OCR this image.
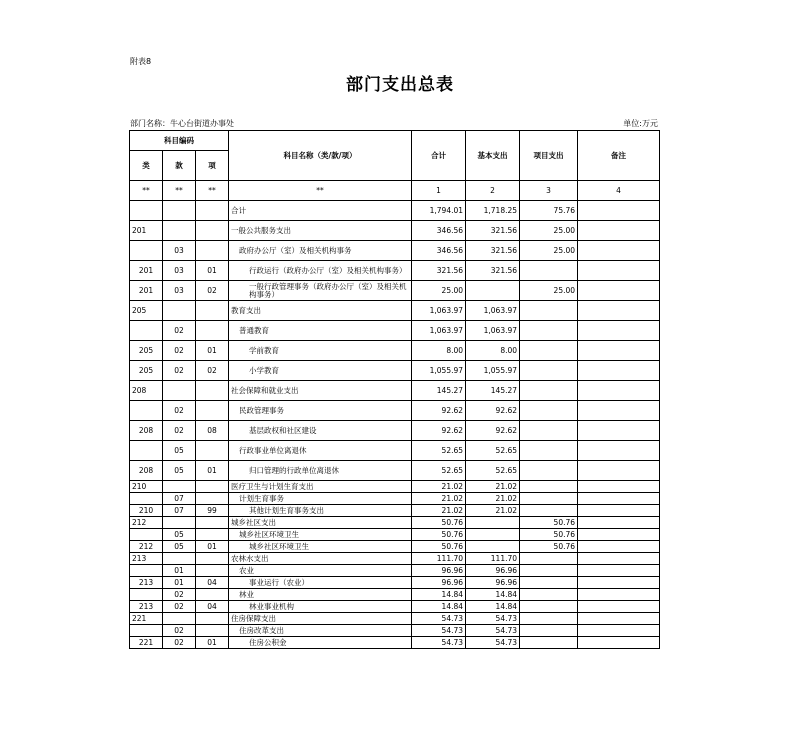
附表8
部门支出总表
部门名称：牛心台街道办事处	单位:万元
科目编码			科目名称（类/款/项）	合计	基本支出	项目支出	备注
类	款	项					
**	**	**	**	1	2	3	4
			合计	1,794.01	1,718.25	75.76	
201			一般公共服务支出	346.56	321.56	25.00	
	03		政府办公厅（室）及相关机构事务	346.56	321.56	25.00	
201	03	01	行政运行（政府办公厅（室）及相关机构事务）	321.56	321.56		
201	03	02	一般行政管理事务（政府办公厅（室）及相关机构事务）	25.00		25.00	
205			教育支出	1,063.97	1,063.97		
	02		普通教育	1,063.97	1,063.97		
205	02	01	学前教育	8.00	8.00		
205	02	02	小学教育	1,055.97	1,055.97		
208			社会保障和就业支出	145.27	145.27		
	02		民政管理事务	92.62	92.62		
208	02	08	基层政权和社区建设	92.62	92.62		
	05		行政事业单位离退休	52.65	52.65		
208	05	01	归口管理的行政单位离退休	52.65	52.65		
210			医疗卫生与计划生育支出	21.02	21.02		
	07		计划生育事务	21.02	21.02		
210	07	99	其他计划生育事务支出	21.02	21.02		
212			城乡社区支出	50.76		50.76	
	05		城乡社区环境卫生	50.76		50.76	
212	05	01	城乡社区环境卫生	50.76		50.76	
213			农林水支出	111.70	111.70		
	01		农业	96.96	96.96		
213	01	04	事业运行（农业）	96.96	96.96		
	02		林业	14.84	14.84		
213	02	04	林业事业机构	14.84	14.84		
221			住房保障支出	54.73	54.73		
	02		住房改革支出	54.73	54.73		
221	02	01	住房公积金	54.73	54.73		
